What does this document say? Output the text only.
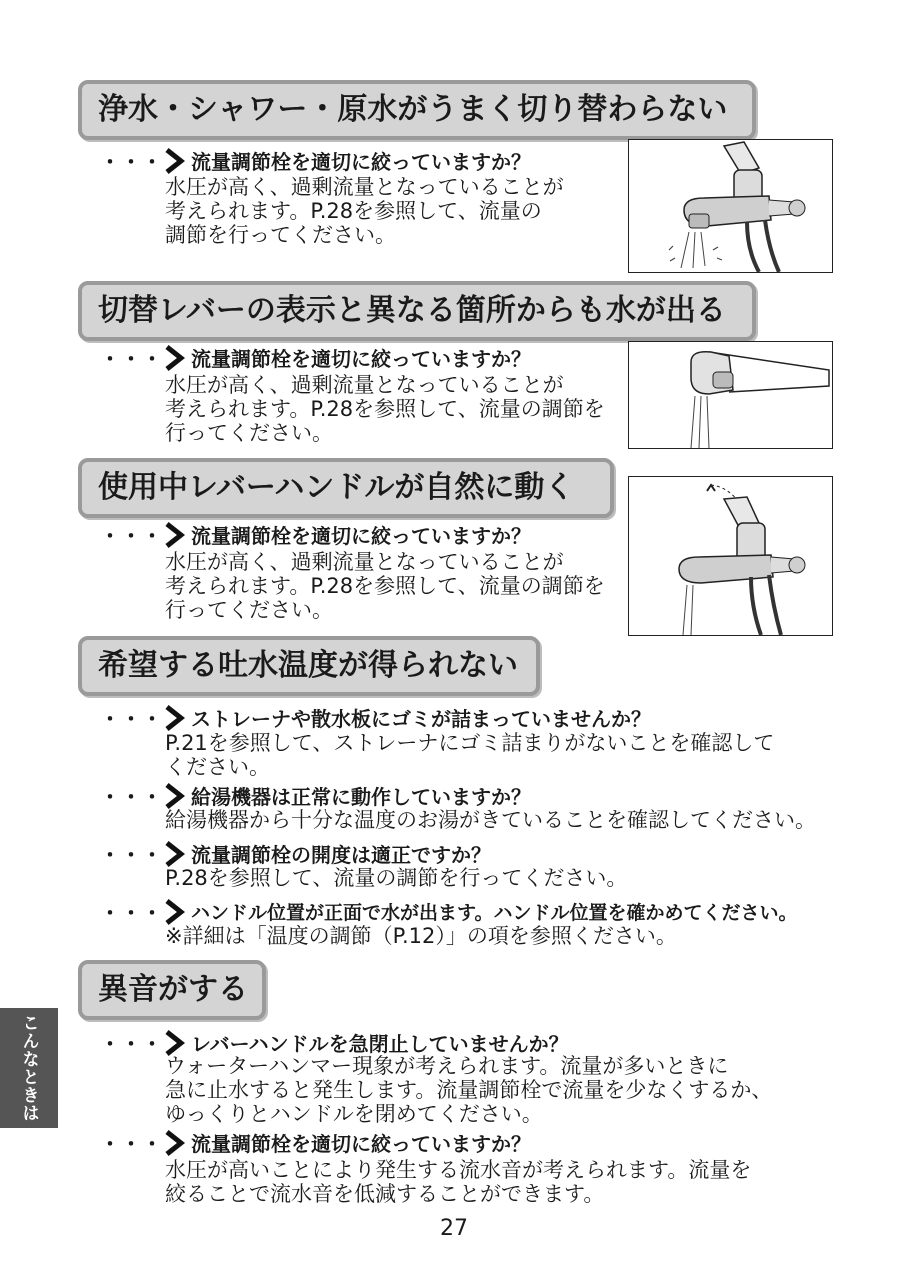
浄水・シャワー・原水がうまく切り替わらない
・・・ 流量調節栓を適切に絞っていますか？
水圧が高く、過剰流量となっていることが
考えられます。P.28を参照して、流量の
調節を行ってください。
切替レバーの表示と異なる箇所からも水が出る
・・・ 流量調節栓を適切に絞っていますか？
水圧が高く、過剰流量となっていることが
考えられます。P.28を参照して、流量の調節を
行ってください。
使用中レバーハンドルが自然に動く
・・・ 流量調節栓を適切に絞っていますか？
水圧が高く、過剰流量となっていることが
考えられます。P.28を参照して、流量の調節を
行ってください。
希望する吐水温度が得られない
・・・ ストレーナや散水板にゴミが詰まっていませんか？
P.21を参照して、ストレーナにゴミ詰まりがないことを確認して
ください。
・・・ 給湯機器は正常に動作していますか？
給湯機器から十分な温度のお湯がきていることを確認してください。
・・・ 流量調節栓の開度は適正ですか？
P.28を参照して、流量の調節を行ってください。
・・・ ハンドル位置が正面で水が出ます。ハンドル位置を確かめてください。
※詳細は「温度の調節（P.12）」の項を参照ください。
異音がする
・・・ レバーハンドルを急閉止していませんか？
ウォーターハンマー現象が考えられます。流量が多いときに
急に止水すると発生します。流量調節栓で流量を少なくするか、
ゆっくりとハンドルを閉めてください。
・・・ 流量調節栓を適切に絞っていますか？
水圧が高いことにより発生する流水音が考えられます。流量を
絞ることで流水音を低減することができます。
こんなときは
27
